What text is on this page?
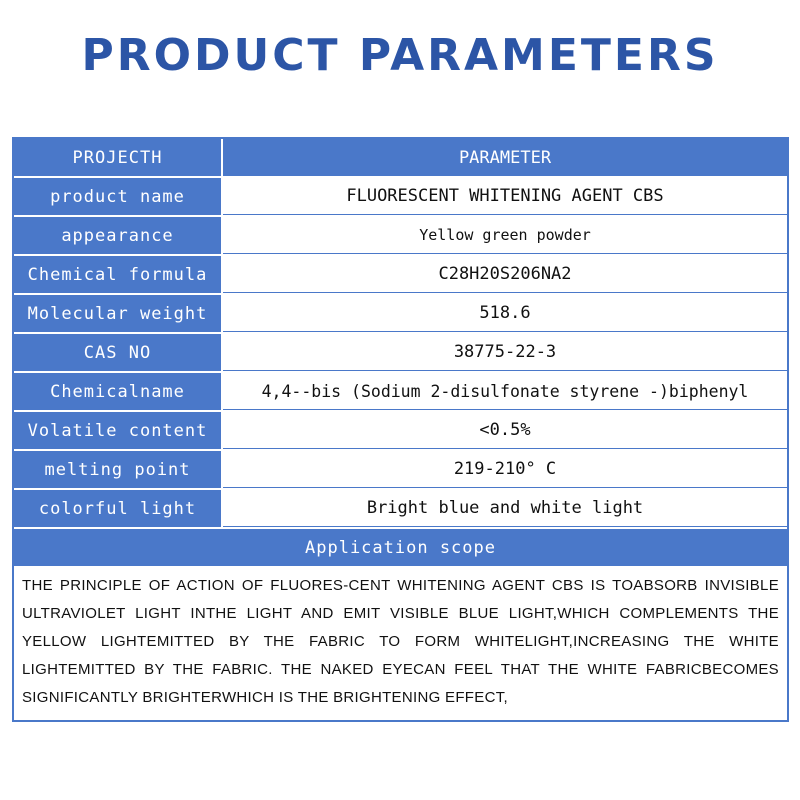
PRODUCT PARAMETERS
PROJECTH	PARAMETER
product name	FLUORESCENT WHITENING AGENT CBS
appearance	Yellow green powder
Chemical formula	C28H20S206NA2
Molecular weight	518.6
CAS NO	38775-22-3
Chemicalname	4,4--bis (Sodium 2-disulfonate styrene -)biphenyl
Volatile content	<0.5%
melting point	219-210° C
colorful light	Bright blue and white light
Application scope
THE PRINCIPLE OF ACTION OF FLUORES-CENT WHITENING AGENT CBS IS TOABSORB INVISIBLE ULTRAVIOLET LIGHT INTHE LIGHT AND EMIT VISIBLE BLUE LIGHT,WHICH COMPLEMENTS THE YELLOW LIGHTEMITTED BY THE FABRIC TO FORM WHITELIGHT,INCREASING THE WHITE LIGHTEMITTED BY THE FABRIC. THE NAKED EYECAN FEEL THAT THE WHITE FABRICBECOMES SIGNIFICANTLY BRIGHTERWHICH IS THE BRIGHTENING EFFECT,
